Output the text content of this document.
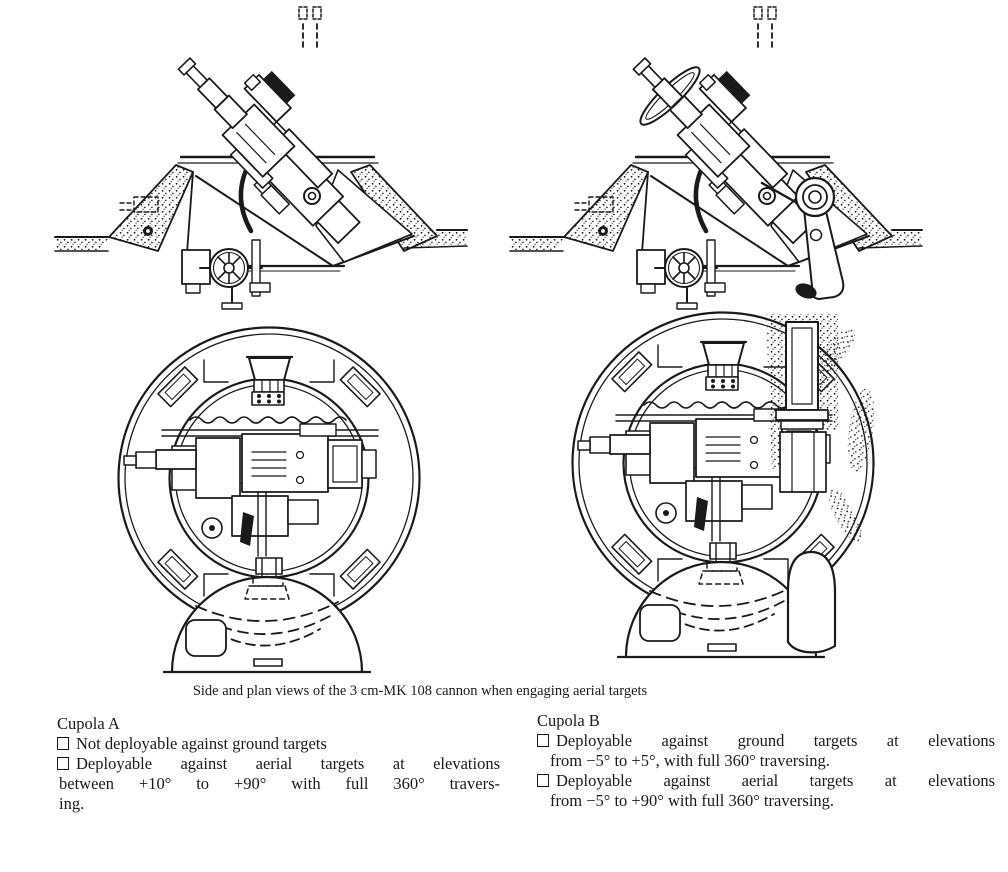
Side and plan views of the 3 cm-MK 108 cannon when engaging aerial targets
Cupola A
Not deployable against ground targets
Deployable against aerial targets at elevations
between +10° to +90° with full 360° travers-
ing.
Cupola B
Deployable against ground targets at elevations
from −5° to +5°, with full 360° traversing.
Deployable against aerial targets at elevations
from −5° to +90° with full 360° traversing.
